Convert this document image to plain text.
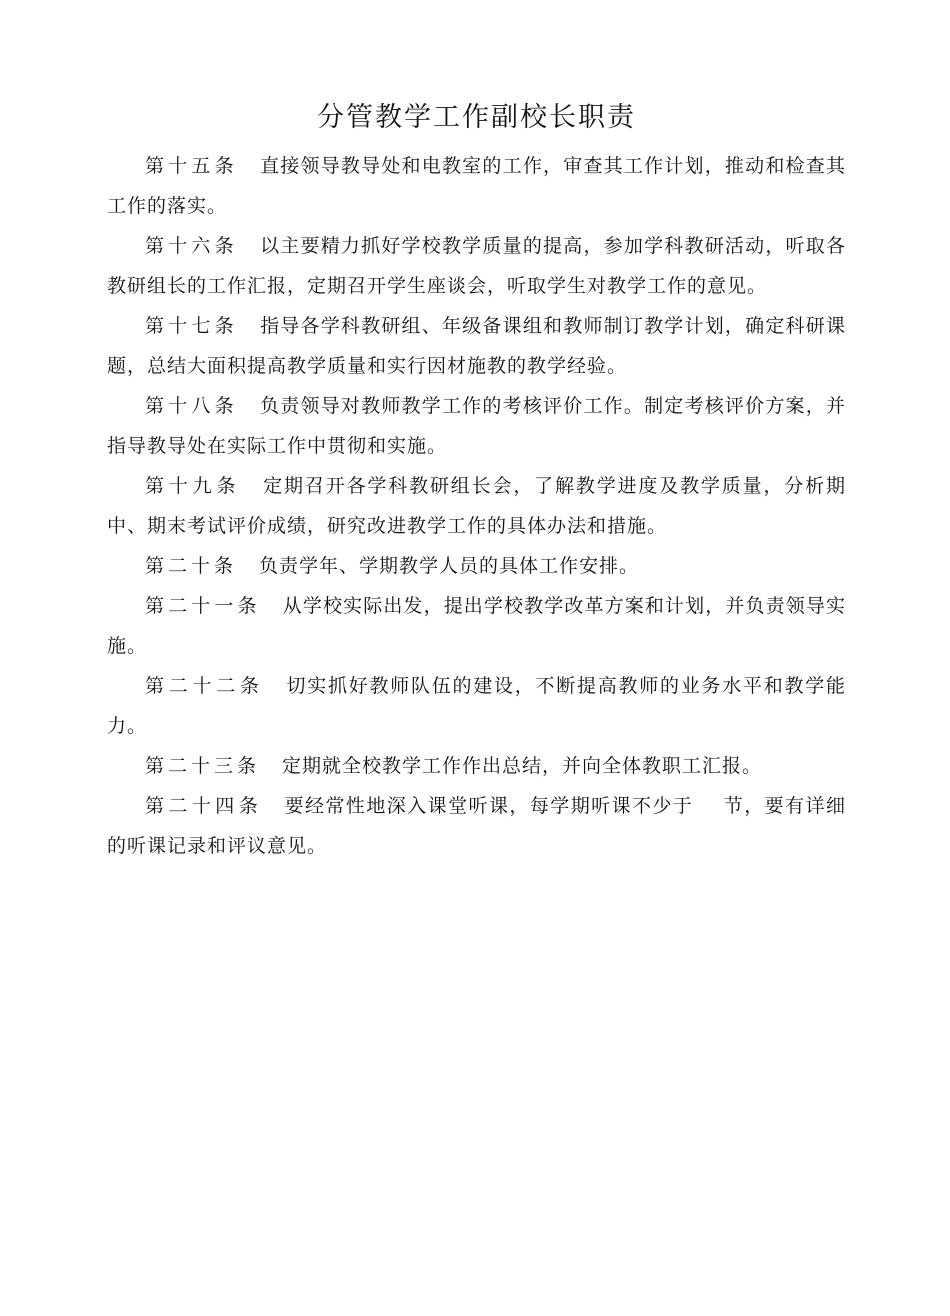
分管教学工作副校长职责

第十五条 直接领导教导处和电教室的工作，审查其工作计划，推动和检查其工作的落实。

第十六条 以主要精力抓好学校教学质量的提高，参加学科教研活动，听取各教研组长的工作汇报，定期召开学生座谈会，听取学生对教学工作的意见。

第十七条 指导各学科教研组、年级备课组和教师制订教学计划，确定科研课题，总结大面积提高教学质量和实行因材施教的教学经验。

第十八条 负责领导对教师教学工作的考核评价工作。制定考核评价方案，并指导教导处在实际工作中贯彻和实施。

第十九条 定期召开各学科教研组长会，了解教学进度及教学质量，分析期中、期末考试评价成绩，研究改进教学工作的具体办法和措施。

第二十条 负责学年、学期教学人员的具体工作安排。

第二十一条 从学校实际出发，提出学校教学改革方案和计划，并负责领导实施。

第二十二条 切实抓好教师队伍的建设，不断提高教师的业务水平和教学能力。

第二十三条 定期就全校教学工作作出总结，并向全体教职工汇报。

第二十四条 要经常性地深入课堂听课，每学期听课不少于 节，要有详细的听课记录和评议意见。
